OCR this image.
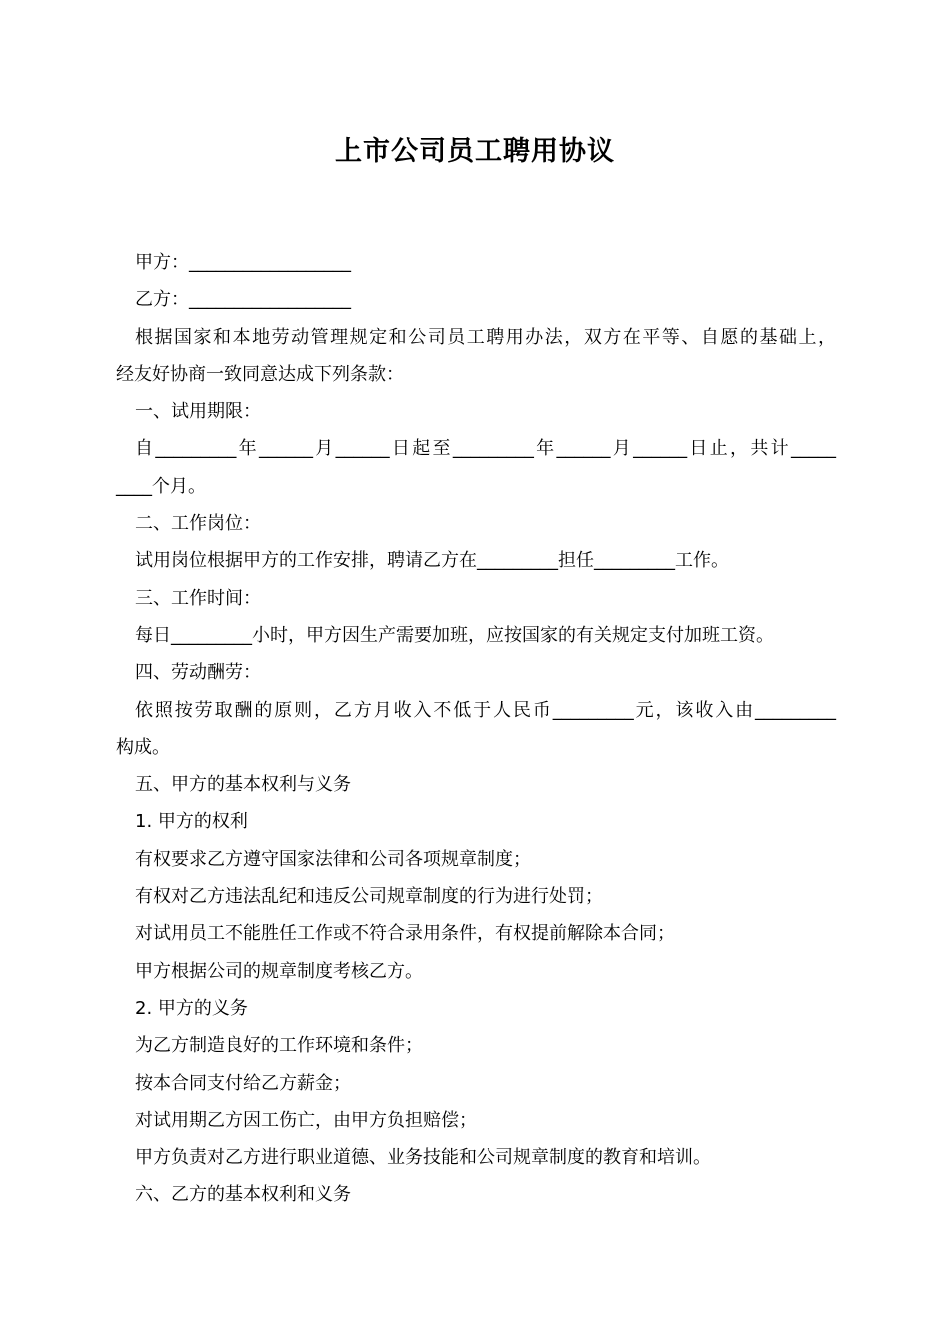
上市公司员工聘用协议
甲方：__________________
乙方：__________________
根据国家和本地劳动管理规定和公司员工聘用办法，双方在平等、自愿的基础上，
经友好协商一致同意达成下列条款：
一、试用期限：
自_________年______月______日起至_________年______月______日止，共计_____
____个月。
二、工作岗位：
试用岗位根据甲方的工作安排，聘请乙方在_________担任_________工作。
三、工作时间：
每日_________小时，甲方因生产需要加班，应按国家的有关规定支付加班工资。
四、劳动酬劳：
依照按劳取酬的原则，乙方月收入不低于人民币_________元，该收入由_________
构成。
五、甲方的基本权利与义务
1. 甲方的权利
有权要求乙方遵守国家法律和公司各项规章制度；
有权对乙方违法乱纪和违反公司规章制度的行为进行处罚；
对试用员工不能胜任工作或不符合录用条件，有权提前解除本合同；
甲方根据公司的规章制度考核乙方。
2. 甲方的义务
为乙方制造良好的工作环境和条件；
按本合同支付给乙方薪金；
对试用期乙方因工伤亡，由甲方负担赔偿；
甲方负责对乙方进行职业道德、业务技能和公司规章制度的教育和培训。
六、乙方的基本权利和义务
